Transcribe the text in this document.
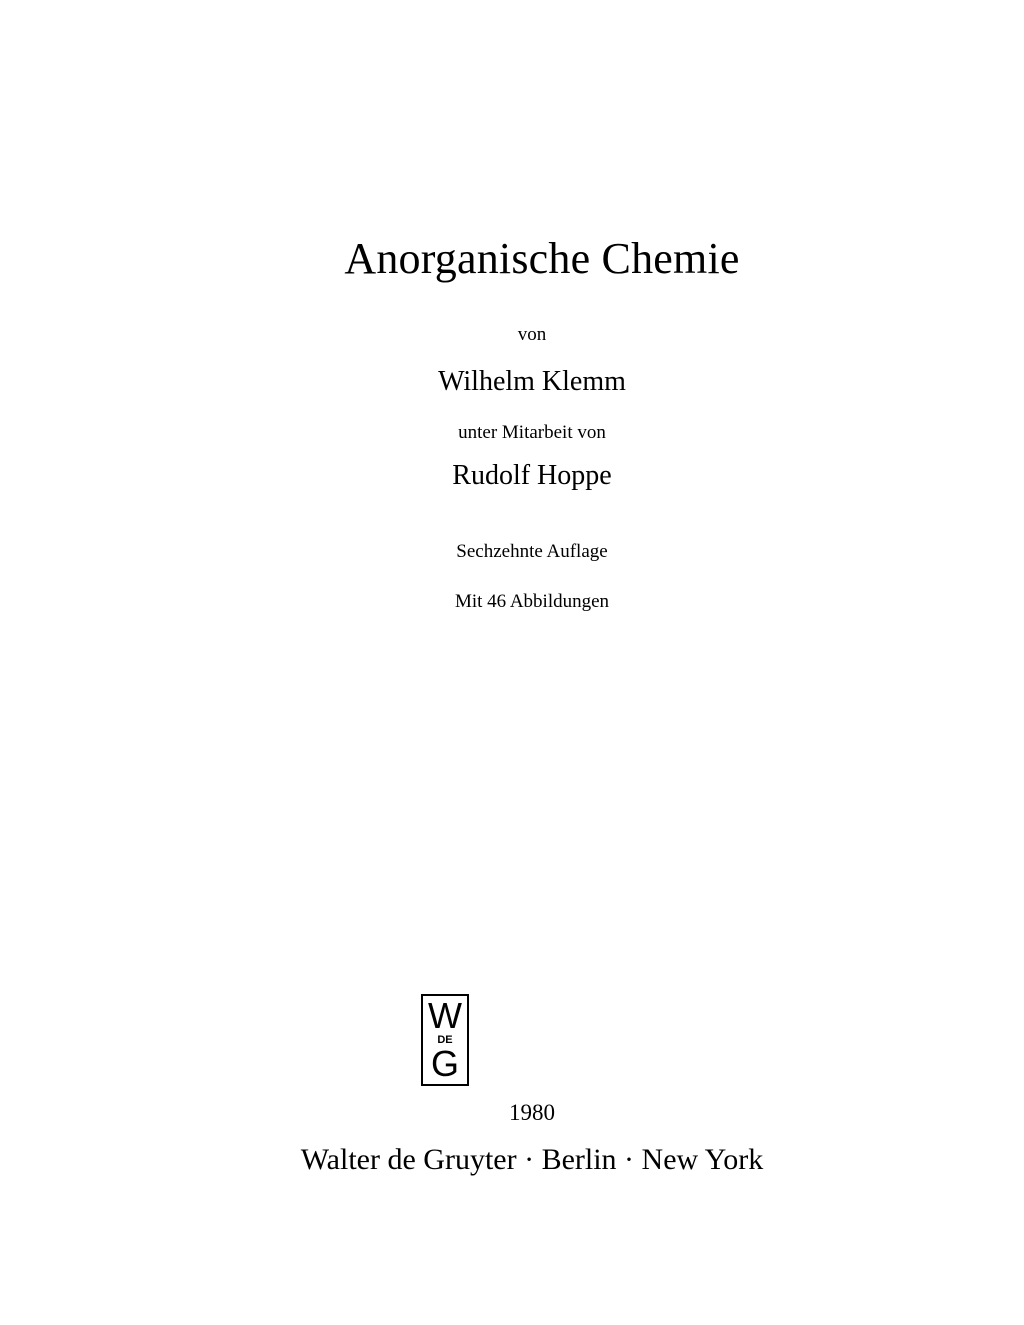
Anorganische Chemie
von
Wilhelm Klemm
unter Mitarbeit von
Rudolf Hoppe
Sechzehnte Auflage
Mit 46 Abbildungen
W
DE
G
1980
Walter de Gruyter · Berlin · New York
